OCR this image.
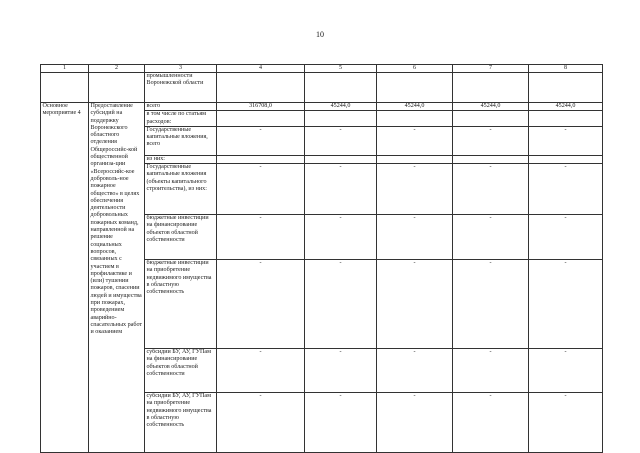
10
1	2	3	4	5	6	7	8
		промышленности Воронежской области					
Основное мероприятие 4	Предоставление субсидий на поддержку Воронежского областного отделения Общероссийс-кой общественной организа-ции «Всероссийс-кое доброволь-ное пожарное общество» в целях обеспечения деятельности добровольных пожарных команд, направленной на решение социальных вопросов, связанных с участием в профилактике и (или) тушении пожаров, спасении людей и имущества при пожарах, проведением аварийно-спасательных работ и оказанием	всего	316708,0	45244,0	45244,0	45244,0	45244,0
		в том числе по статьям расходов:					
		Государственные капитальные вложения, всего	-	-	-	-	-
		из них:					
		Государственные капитальные вложения (объекты капитального строительства), из них:	-	-	-	-	-
		бюджетные инвестиции на финансирование объектов областной собственности	-	-	-	-	-
		бюджетные инвестиции на приобретение недвижимого имущества в областную собственность	-	-	-	-	-
		субсидии БУ, АУ, ГУПам на финансирование объектов областной собственности	-	-	-	-	-
		субсидии БУ, АУ, ГУПам на приобретение недвижимого имущества в областную собственность	-	-	-	-	-
